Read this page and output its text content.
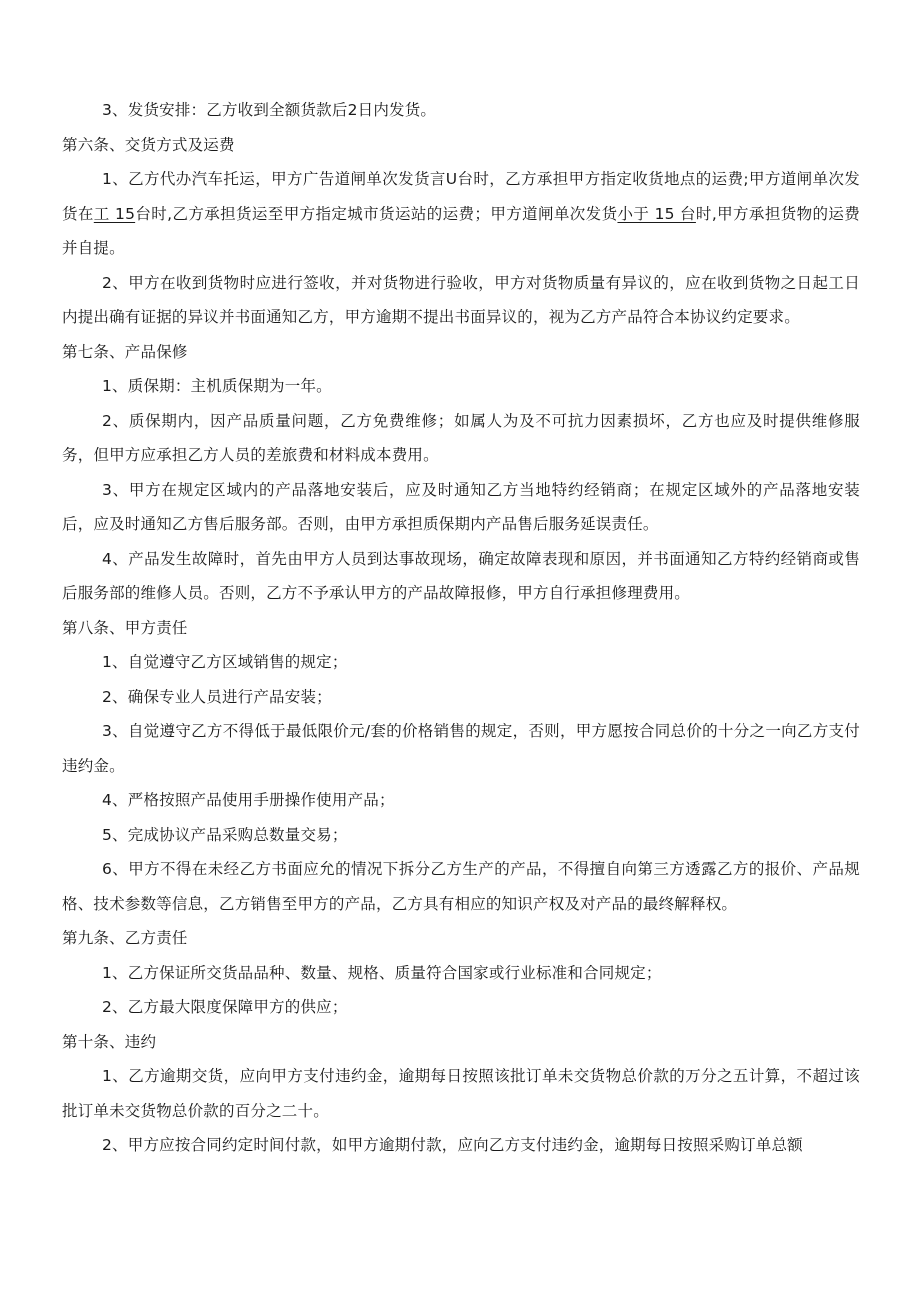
3、发货安排：乙方收到全额货款后2日内发货。

第六条、交货方式及运费

1、乙方代办汽车托运，甲方广告道闸单次发货言U台时，乙方承担甲方指定收货地点的运费;甲方道闸单次发货在工 15台时,乙方承担货运至甲方指定城市货运站的运费；甲方道闸单次发货小于 15 台时,甲方承担货物的运费并自提。

2、甲方在收到货物时应进行签收，并对货物进行验收，甲方对货物质量有异议的，应在收到货物之日起工日内提出确有证据的异议并书面通知乙方，甲方逾期不提出书面异议的，视为乙方产品符合本协议约定要求。

第七条、产品保修

1、质保期：主机质保期为一年。

2、质保期内，因产品质量问题，乙方免费维修；如属人为及不可抗力因素损坏，乙方也应及时提供维修服务，但甲方应承担乙方人员的差旅费和材料成本费用。

3、甲方在规定区域内的产品落地安装后，应及时通知乙方当地特约经销商；在规定区域外的产品落地安装后，应及时通知乙方售后服务部。否则，由甲方承担质保期内产品售后服务延误责任。

4、产品发生故障时，首先由甲方人员到达事故现场，确定故障表现和原因，并书面通知乙方特约经销商或售后服务部的维修人员。否则，乙方不予承认甲方的产品故障报修，甲方自行承担修理费用。

第八条、甲方责任

1、自觉遵守乙方区域销售的规定；

2、确保专业人员进行产品安装；

3、自觉遵守乙方不得低于最低限价元/套的价格销售的规定，否则，甲方愿按合同总价的十分之一向乙方支付违约金。

4、严格按照产品使用手册操作使用产品；

5、完成协议产品采购总数量交易；

6、甲方不得在未经乙方书面应允的情况下拆分乙方生产的产品，不得擅自向第三方透露乙方的报价、产品规格、技术参数等信息，乙方销售至甲方的产品，乙方具有相应的知识产权及对产品的最终解释权。

第九条、乙方责任

1、乙方保证所交货品品种、数量、规格、质量符合国家或行业标准和合同规定；

2、乙方最大限度保障甲方的供应；

第十条、违约

1、乙方逾期交货，应向甲方支付违约金，逾期每日按照该批订单未交货物总价款的万分之五计算，不超过该批订单未交货物总价款的百分之二十。

2、甲方应按合同约定时间付款，如甲方逾期付款，应向乙方支付违约金，逾期每日按照采购订单总额
